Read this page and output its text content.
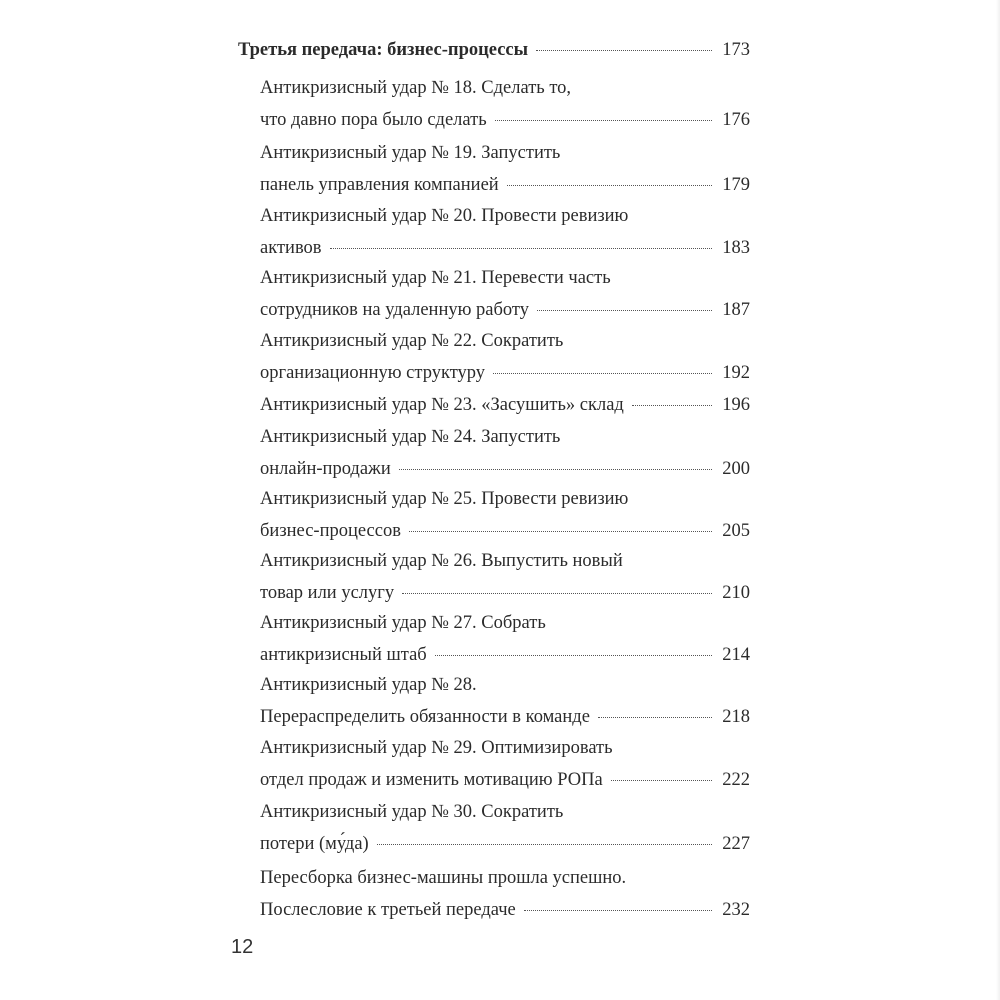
Третья передача: бизнес-процессы	173
Антикризисный удар № 18. Сделать то,
что давно пора было сделать	176
Антикризисный удар № 19. Запустить
панель управления компанией	179
Антикризисный удар № 20. Провести ревизию
активов	183
Антикризисный удар № 21. Перевести часть
сотрудников на удаленную работу	187
Антикризисный удар № 22. Сократить
организационную структуру	192
Антикризисный удар № 23. «Засушить» склад	196
Антикризисный удар № 24. Запустить
онлайн-продажи	200
Антикризисный удар № 25. Провести ревизию
бизнес-процессов	205
Антикризисный удар № 26. Выпустить новый
товар или услугу	210
Антикризисный удар № 27. Собрать
антикризисный штаб	214
Антикризисный удар № 28.
Перераспределить обязанности в команде	218
Антикризисный удар № 29. Оптимизировать
отдел продаж и изменить мотивацию РОПа	222
Антикризисный удар № 30. Сократить
потери (му́да)	227
Пересборка бизнес-машины прошла успешно.
Послесловие к третьей передаче	232
12
